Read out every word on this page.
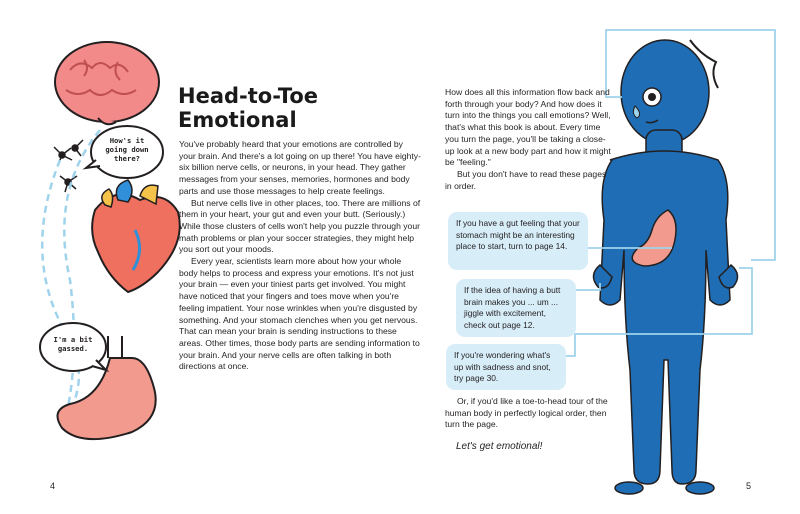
How's it going down there?
I'm a bit gassed.
Head-to-Toe
Emotional

You've probably heard that your emotions are controlled by your brain. And there's a lot going on up there! You have eighty-six billion nerve cells, or neurons, in your head. They gather messages from your senses, memories, hormones and body parts and use those messages to help create feelings.

But nerve cells live in other places, too. There are millions of them in your heart, your gut and even your butt. (Seriously.) While those clusters of cells won't help you puzzle through your math problems or plan your soccer strategies, they might help you sort out your moods.

Every year, scientists learn more about how your whole body helps to process and express your emotions. It's not just your brain — even your tiniest parts get involved. You might have noticed that your fingers and toes move when you're feeling impatient. Your nose wrinkles when you're disgusted by something. And your stomach clenches when you get nervous. That can mean your brain is sending instructions to these areas. Other times, those body parts are sending information to your brain. And your nerve cells are often talking in both directions at once.

How does all this information flow back and forth through your body? And how does it turn into the things you call emotions? Well, that's what this book is about. Every time you turn the page, you'll be taking a close-up look at a new body part and how it might be "feeling."

But you don't have to read these pages in order.

If you have a gut feeling that your stomach might be an interesting place to start, turn to page 14.
If the idea of having a butt brain makes you ... um ... jiggle with excitement, check out page 12.
If you're wondering what's up with sadness and snot, try page 30.

Or, if you'd like a toe-to-head tour of the human body in perfectly logical order, then turn the page.

Let's get emotional!

4	5
